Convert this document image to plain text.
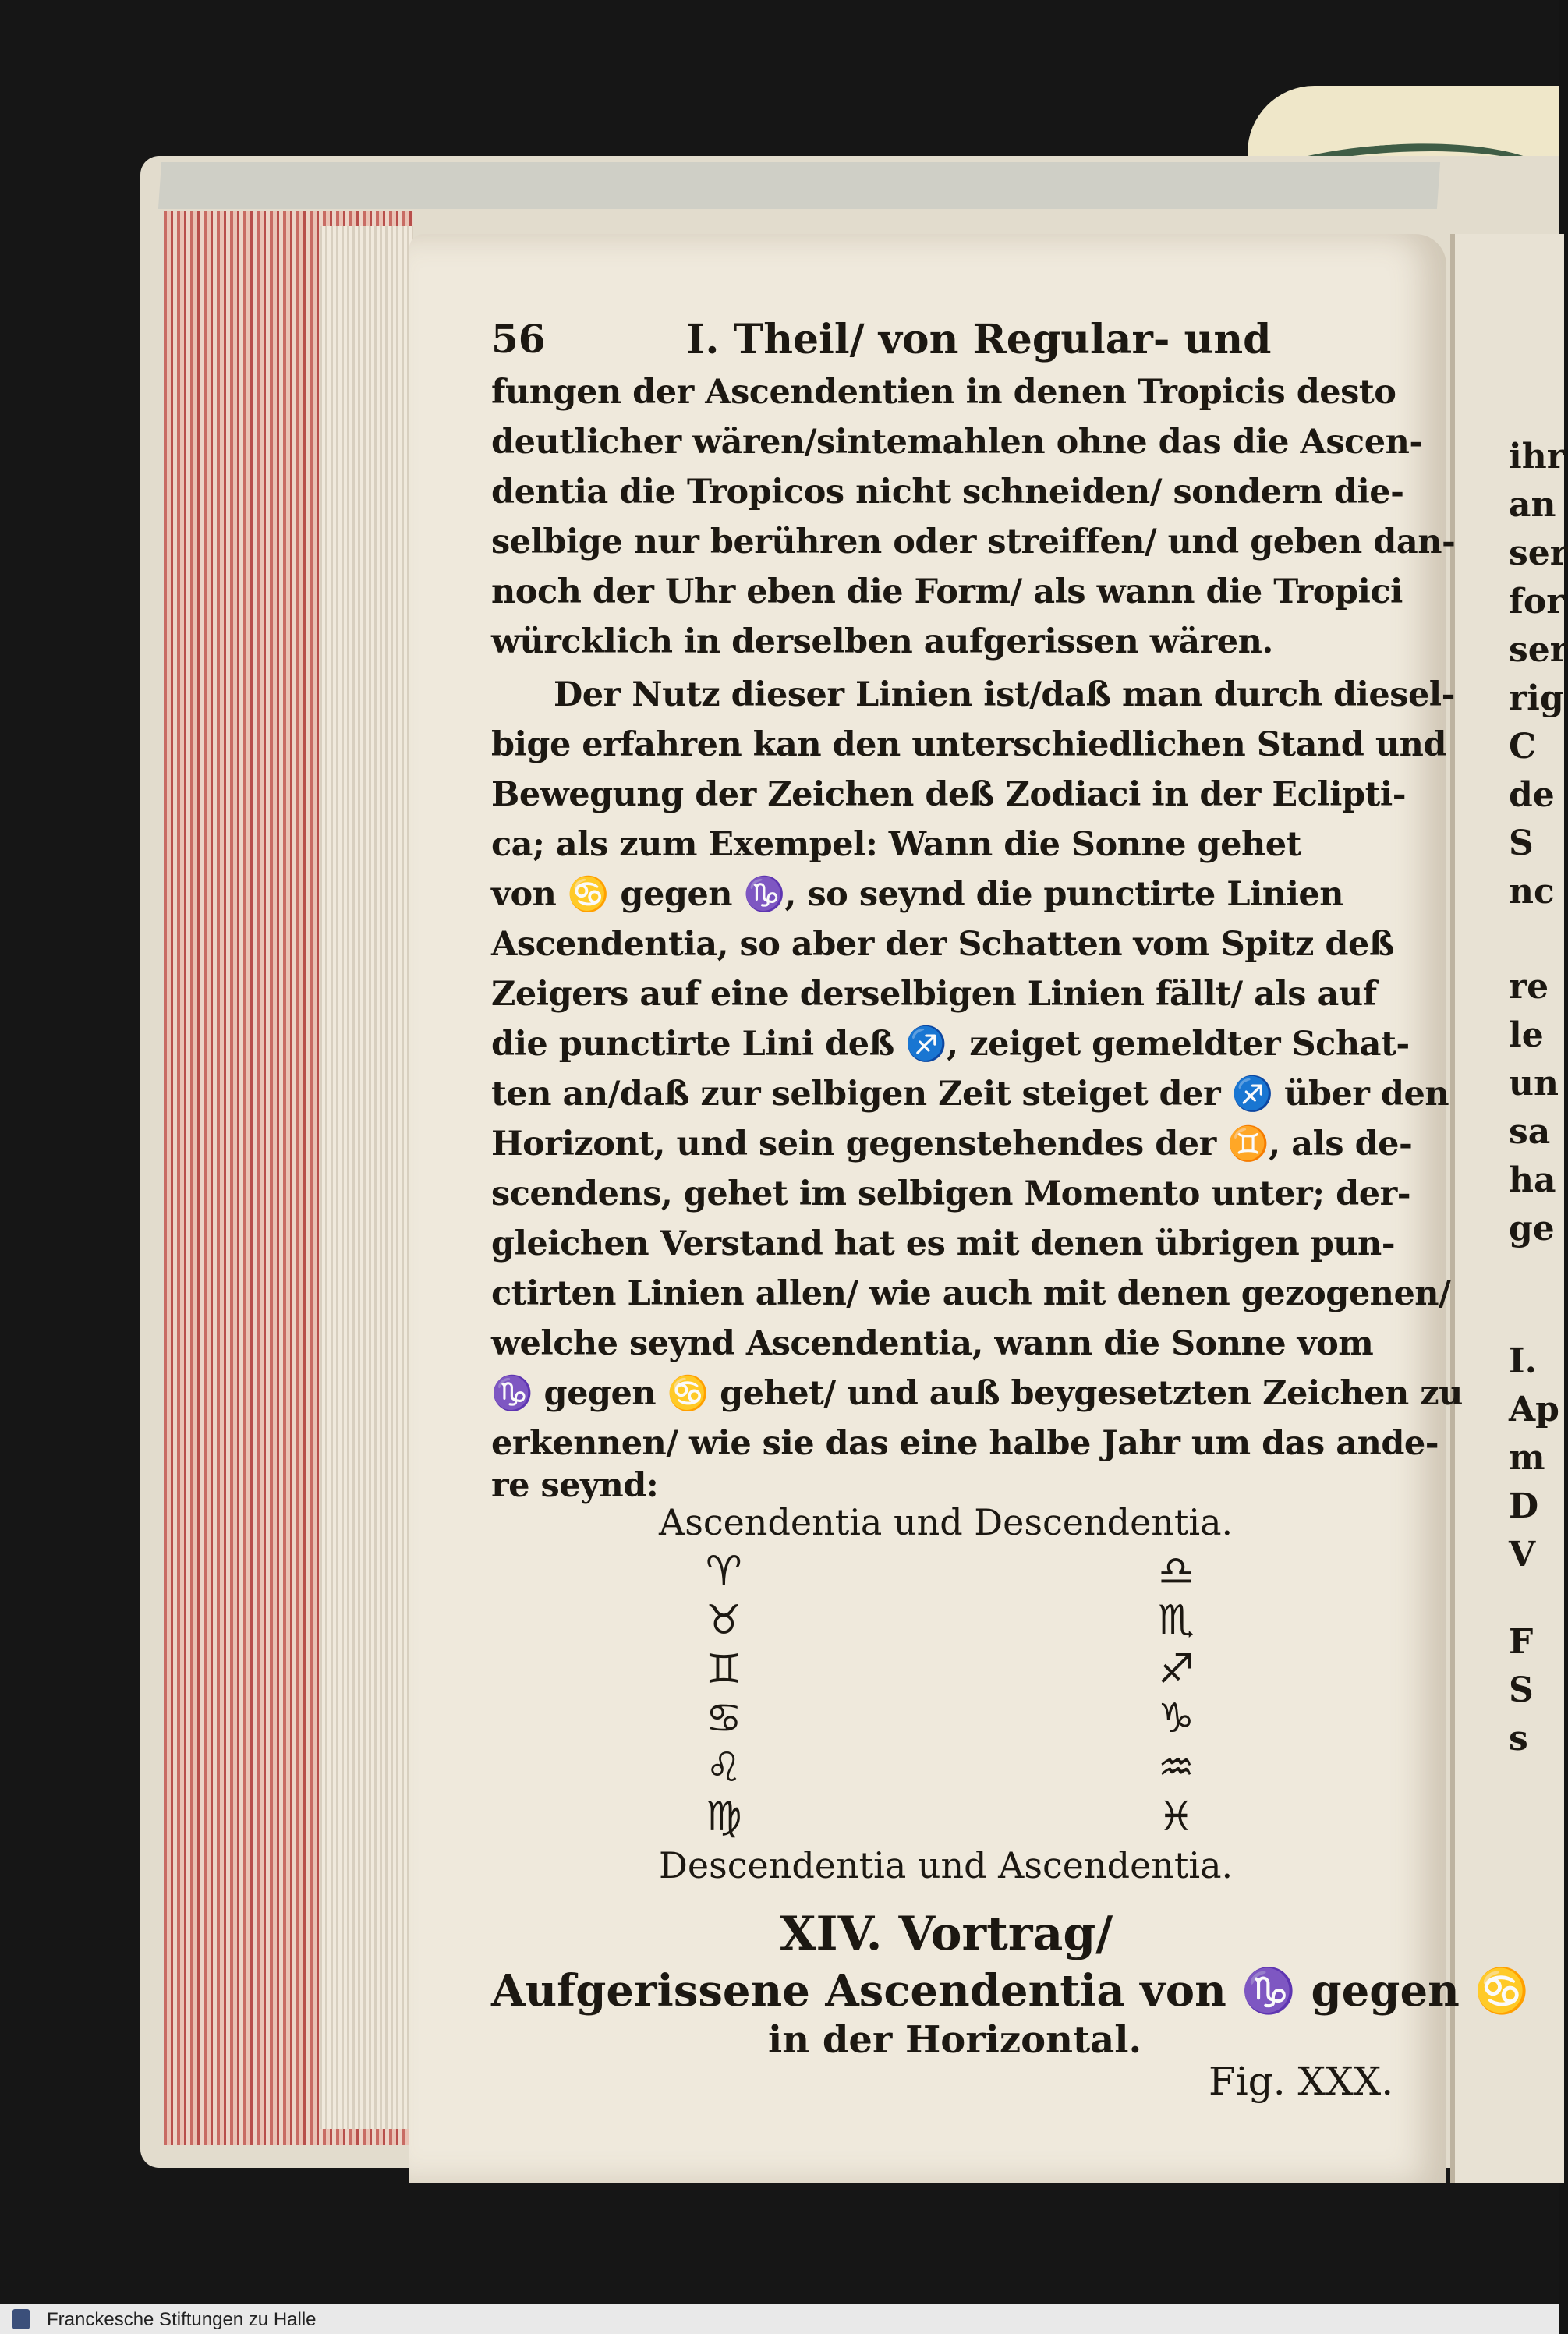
56	I. Theil/ von Regular- und
fungen der Ascendentien in denen Tropicis desto
deutlicher wären/sintemahlen ohne das die Ascen-
dentia die Tropicos nicht schneiden/ sondern die-
selbige nur berühren oder streiffen/ und geben dan-
noch der Uhr eben die Form/ als wann die Tropici
würcklich in derselben aufgerissen wären.
Der Nutz dieser Linien ist/daß man durch diesel-
bige erfahren kan den unterschiedlichen Stand und
Bewegung der Zeichen deß Zodiaci in der Eclipti-
ca; als zum Exempel: Wann die Sonne gehet
von ♋ gegen ♑, so seynd die punctirte Linien
Ascendentia, so aber der Schatten vom Spitz deß
Zeigers auf eine derselbigen Linien fällt/ als auf
die punctirte Lini deß ♐, zeiget gemeldter Schat-
ten an/daß zur selbigen Zeit steiget der ♐ über den
Horizont, und sein gegenstehendes der ♊, als de-
scendens, gehet im selbigen Momento unter; der-
gleichen Verstand hat es mit denen übrigen pun-
ctirten Linien allen/ wie auch mit denen gezogenen/
welche seynd Ascendentia, wann die Sonne vom
♑ gegen ♋ gehet/ und auß beygesetzten Zeichen zu
erkennen/ wie sie das eine halbe Jahr um das ande-
re seynd:
Ascendentia und Descendentia.
♈
♉
♊
♋
♌
♍
♎
♏
♐
♑
♒
♓
Descendentia und Ascendentia.
XIV. Vortrag/
Aufgerissene Ascendentia von ♑ gegen ♋
in der Horizontal.
Fig. XXX.
ihr
an
ser
for
ser
rig
C
de
S
nc
re
le
un
sa
ha
ge
I.
Ap
m
D
V
F
S
s
Franckesche Stiftungen zu Halle
